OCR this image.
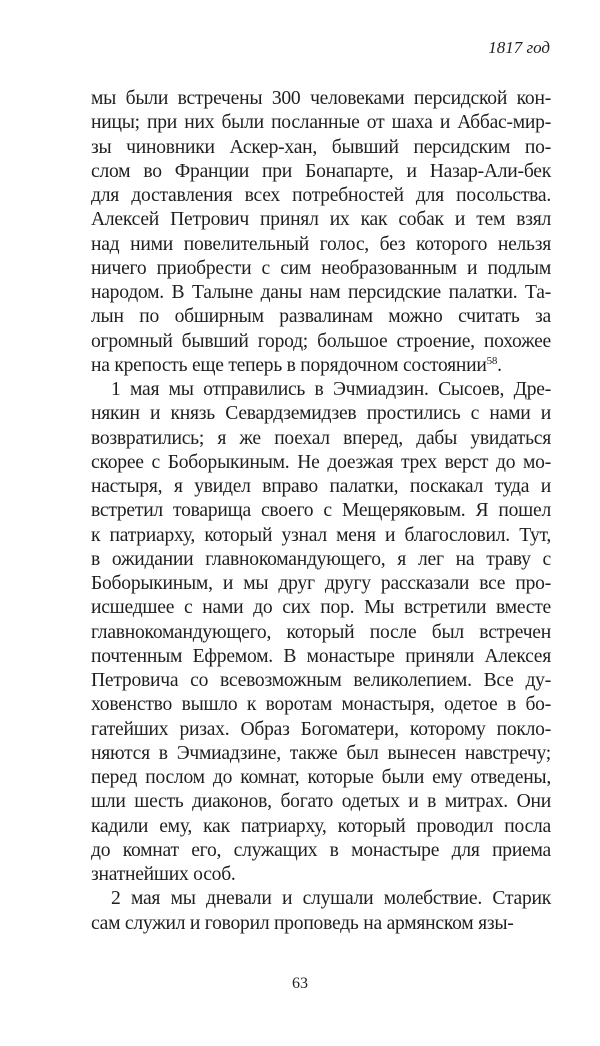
1817 год
мы были встречены 300 человеками персидской кон-
ницы; при них были посланные от шаха и Аббас-мир-
зы чиновники Аскер-хан, бывший персидским по-
слом во Франции при Бонапарте, и Назар-Али-бек
для доставления всех потребностей для посольства.
Алексей Петрович принял их как собак и тем взял
над ними повелительный голос, без которого нельзя
ничего приобрести с сим необразованным и подлым
народом. В Талыне даны нам персидские палатки. Та-
лын по обширным развалинам можно считать за
огромный бывший город; большое строение, похожее
на крепость еще теперь в порядочном состоянии$^{58}$.
1 мая мы отправились в Эчмиадзин. Сысоев, Дре-
някин и князь Севардземидзев простились с нами и
возвратились; я же поехал вперед, дабы увидаться
скорее с Боборыкиным. Не доезжая трех верст до мо-
настыря, я увидел вправо палатки, поскакал туда и
встретил товарища своего с Мещеряковым. Я пошел
к патриарху, который узнал меня и благословил. Тут,
в ожидании главнокомандующего, я лег на траву с
Боборыкиным, и мы друг другу рассказали все про-
исшедшее с нами до сих пор. Мы встретили вместе
главнокомандующего, который после был встречен
почтенным Ефремом. В монастыре приняли Алексея
Петровича со всевозможным великолепием. Все ду-
ховенство вышло к воротам монастыря, одетое в бо-
гатейших ризах. Образ Богоматери, которому покло-
няются в Эчмиадзине, также был вынесен навстречу;
перед послом до комнат, которые были ему отведены,
шли шесть диаконов, богато одетых и в митрах. Они
кадили ему, как патриарху, который проводил посла
до комнат его, служащих в монастыре для приема
знатнейших особ.
2 мая мы дневали и слушали молебствие. Старик
сам служил и говорил проповедь на армянском язы-
63
